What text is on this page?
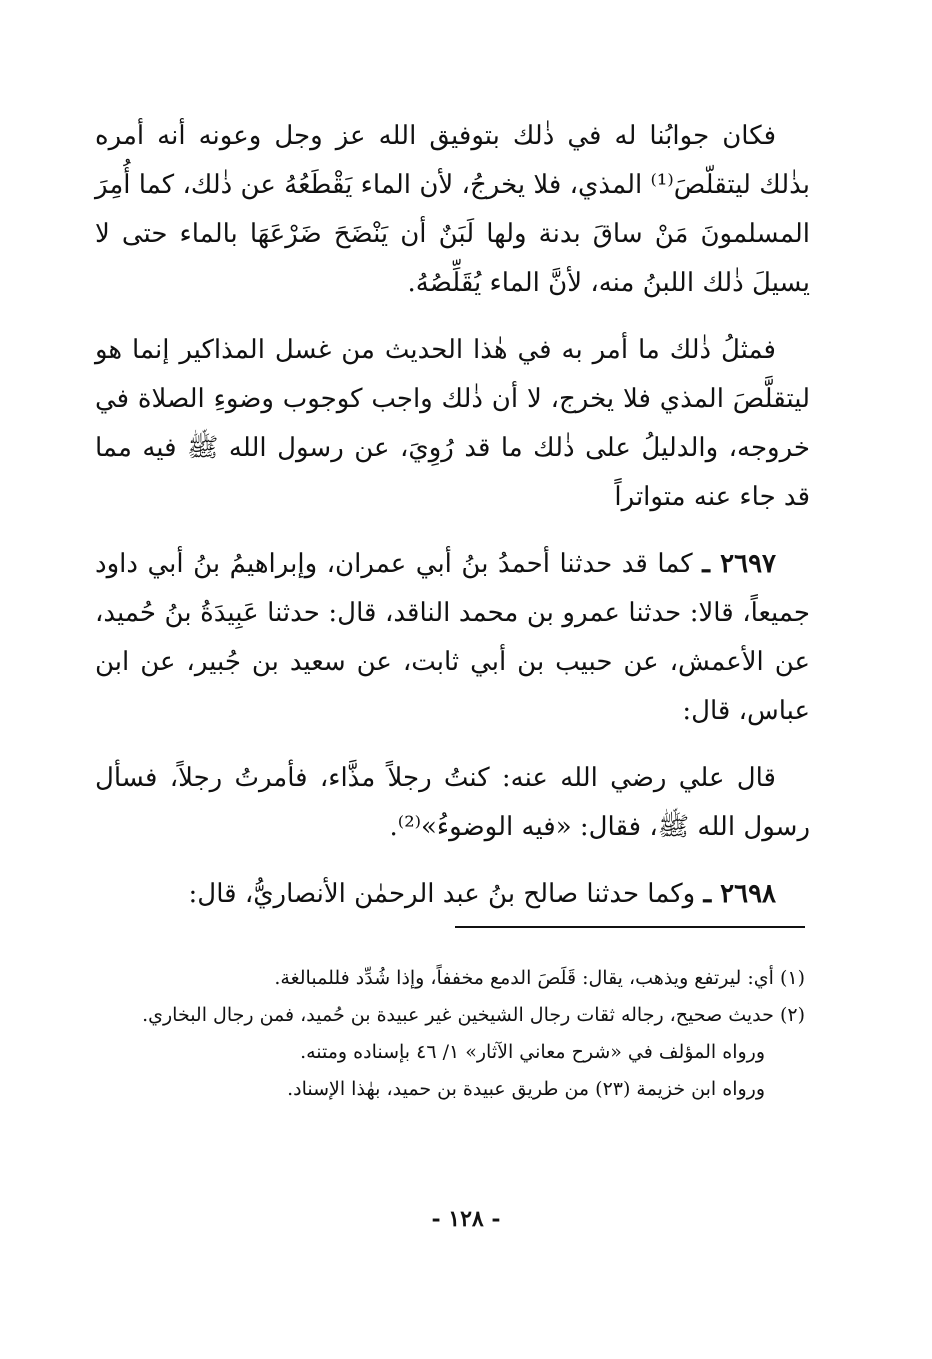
فكان جوابُنا له في ذٰلك بتوفيق الله عز وجل وعونه أنه أمره بذٰلك ليتقلّصَ⁽¹⁾ المذي، فلا يخرجُ، لأن الماء يَقْطَعُهُ عن ذٰلك، كما أُمِرَ المسلمونَ مَنْ ساقَ بدنة ولها لَبَنٌ أن يَنْضَحَ ضَرْعَهَا بالماء حتى لا يسيلَ ذٰلك اللبنُ منه، لأنَّ الماء يُقَلِّصُهُ.

فمثلُ ذٰلك ما أمر به في هٰذا الحديث من غسل المذاكير إنما هو ليتقلَّصَ المذي فلا يخرج، لا أن ذٰلك واجب كوجوب وضوءِ الصلاة في خروجه، والدليلُ على ذٰلك ما قد رُوِيَ، عن رسول الله ﷺ فيه مما قد جاء عنه متواتراً

٢٦٩٧ ـ كما قد حدثنا أحمدُ بنُ أبي عمران، وإبراهيمُ بنُ أبي داود جميعاً، قالا: حدثنا عمرو بن محمد الناقد، قال: حدثنا عَبِيدَةُ بنُ حُميد، عن الأعمش، عن حبيب بن أبي ثابت، عن سعيد بن جُبير، عن ابن عباس، قال:

قال علي رضي الله عنه: كنتُ رجلاً مذَّاء، فأمرتُ رجلاً، فسأل رسول الله ﷺ، فقال: «فيه الوضوءُ»⁽²⁾.

٢٦٩٨ ـ وكما حدثنا صالح بنُ عبد الرحمٰن الأنصاريُّ، قال:

(١) أي: ليرتفع ويذهب، يقال: قَلَصَ الدمع مخففاً، وإذا شُدِّد فللمبالغة.

(٢) حديث صحيح، رجاله ثقات رجال الشيخين غير عبيدة بن حُميد، فمن رجال البخاري.

ورواه المؤلف في «شرح معاني الآثار» ١/ ٤٦ بإسناده ومتنه.

ورواه ابن خزيمة (٢٣) من طريق عبيدة بن حميد، بهٰذا الإسناد.

- ١٢٨ -
